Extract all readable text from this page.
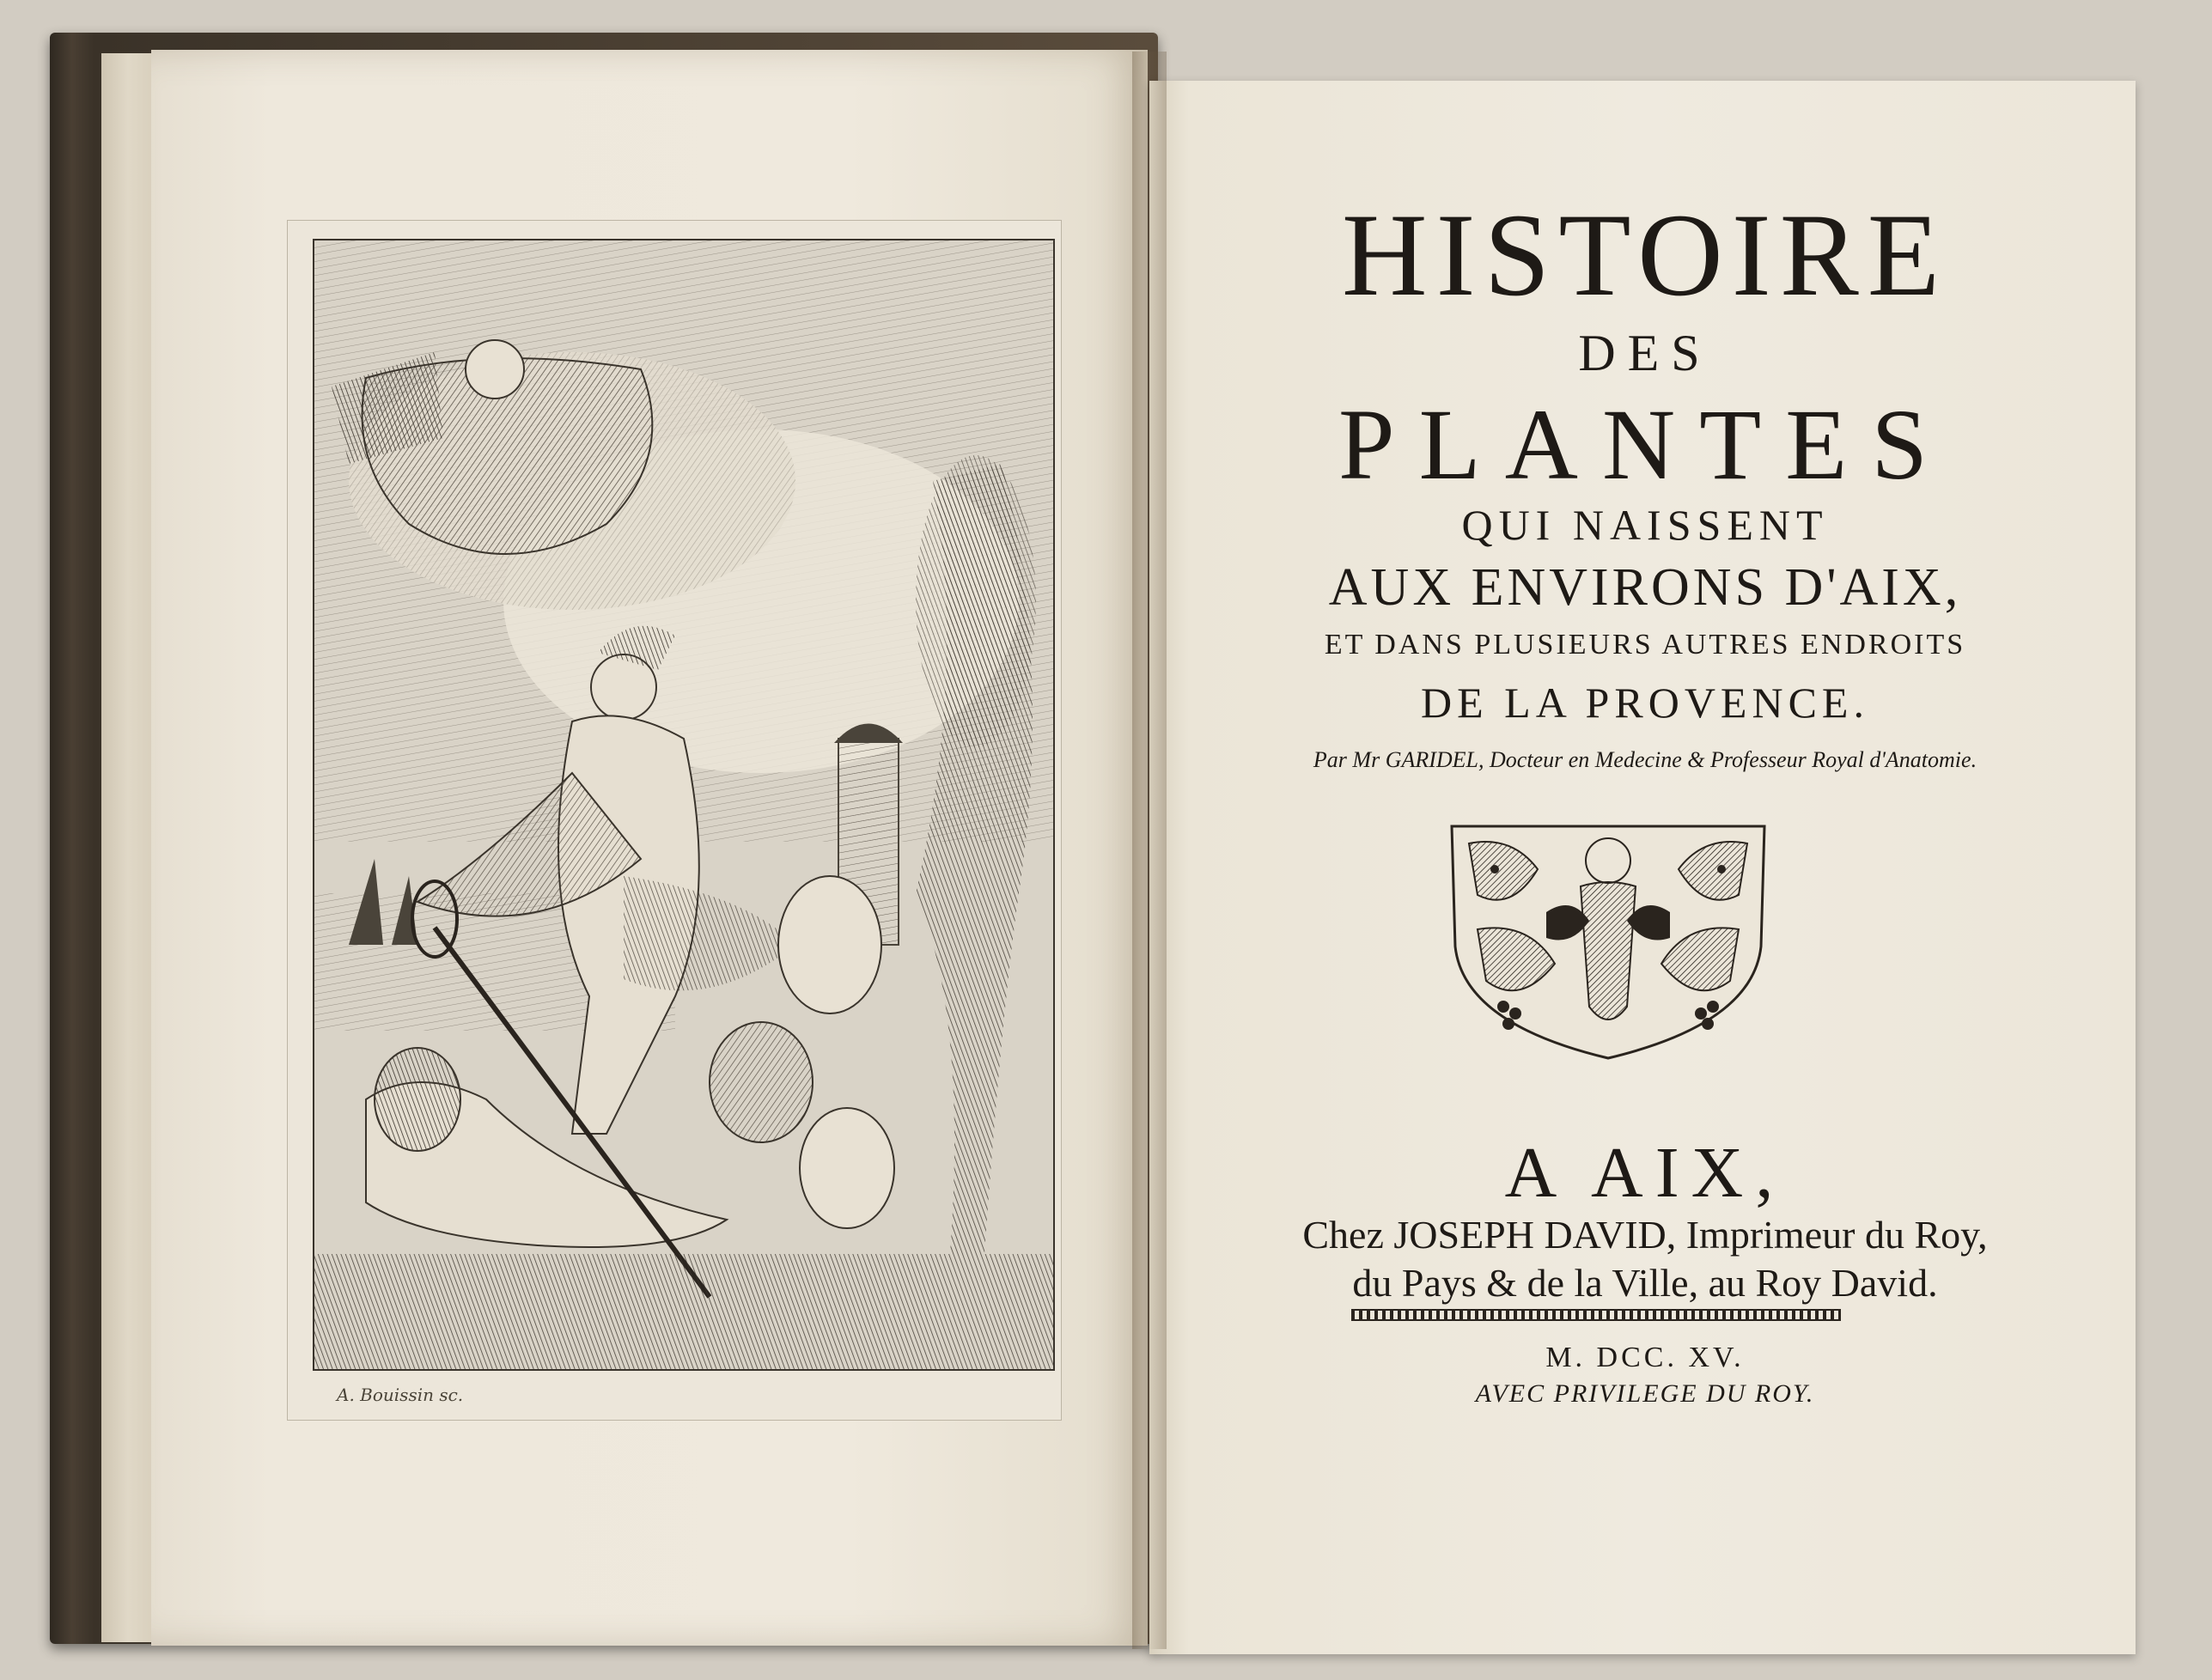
A. Bouissin sc.
HISTOIRE
DES
PLANTES
QUI NAISSENT
AUX ENVIRONS D'AIX,
ET DANS PLUSIEURS AUTRES ENDROITS
DE LA PROVENCE.
Par Mr GARIDEL, Docteur en Medecine & Professeur Royal d'Anatomie.
A AIX,
Chez JOSEPH DAVID, Imprimeur du Roy,
du Pays & de la Ville, au Roy David.
M. DCC. XV.
AVEC PRIVILEGE DU ROY.
